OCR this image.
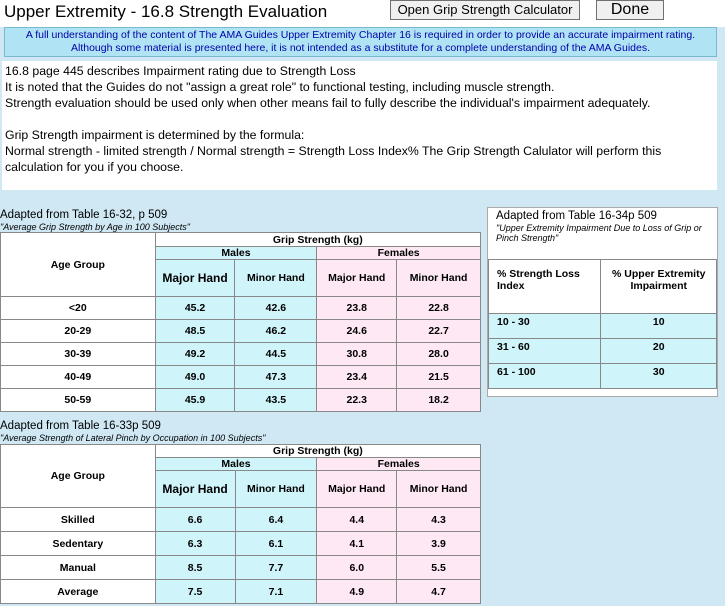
Upper Extremity - 16.8 Strength Evaluation	Open Grip Strength Calculator	Done
A full understanding of the content of The AMA Guides Upper Extremity Chapter 16 is required in order to provide an accurate impairment rating.
Although some material is presented here, it is not intended as a substitute for a complete understanding of the AMA Guides.

16.8 page 445 describes Impairment rating due to Strength Loss

It is noted that the Guides do not "assign a great role" to functional testing, including muscle strength.

Strength evaluation should be used only when other means fail to fully describe the individual's impairment adequately.

Grip Strength impairment is determined by the formula:

Normal strength - limited strength / Normal strength = Strength Loss Index% The Grip Strength Calulator will perform this calculation for you if you choose.

Adapted from Table 16-32, p 509
"Average Grip Strength by Age in 100 Subjects"
Age Group	Grip Strength (kg)			
	Males		Females	
	Major Hand	Minor Hand	Major Hand	Minor Hand
<20	45.2	42.6	23.8	22.8
20-29	48.5	46.2	24.6	22.7
30-39	49.2	44.5	30.8	28.0
40-49	49.0	47.3	23.4	21.5
50-59	45.9	43.5	22.3	18.2
Adapted from Table 16-33p 509
"Average Strength of Lateral Pinch by Occupation in 100 Subjects"
Age Group	Grip Strength (kg)			
	Males		Females	
	Major Hand	Minor Hand	Major Hand	Minor Hand
Skilled	6.6	6.4	4.4	4.3
Sedentary	6.3	6.1	4.1	3.9
Manual	8.5	7.7	6.0	5.5
Average	7.5	7.1	4.9	4.7
Adapted from Table 16-34p 509
"Upper Extremity Impairment Due to Loss of Grip or Pinch Strength"
% Strength Loss Index	% Upper Extremity Impairment
10 - 30	10
31 - 60	20
61 - 100	30
